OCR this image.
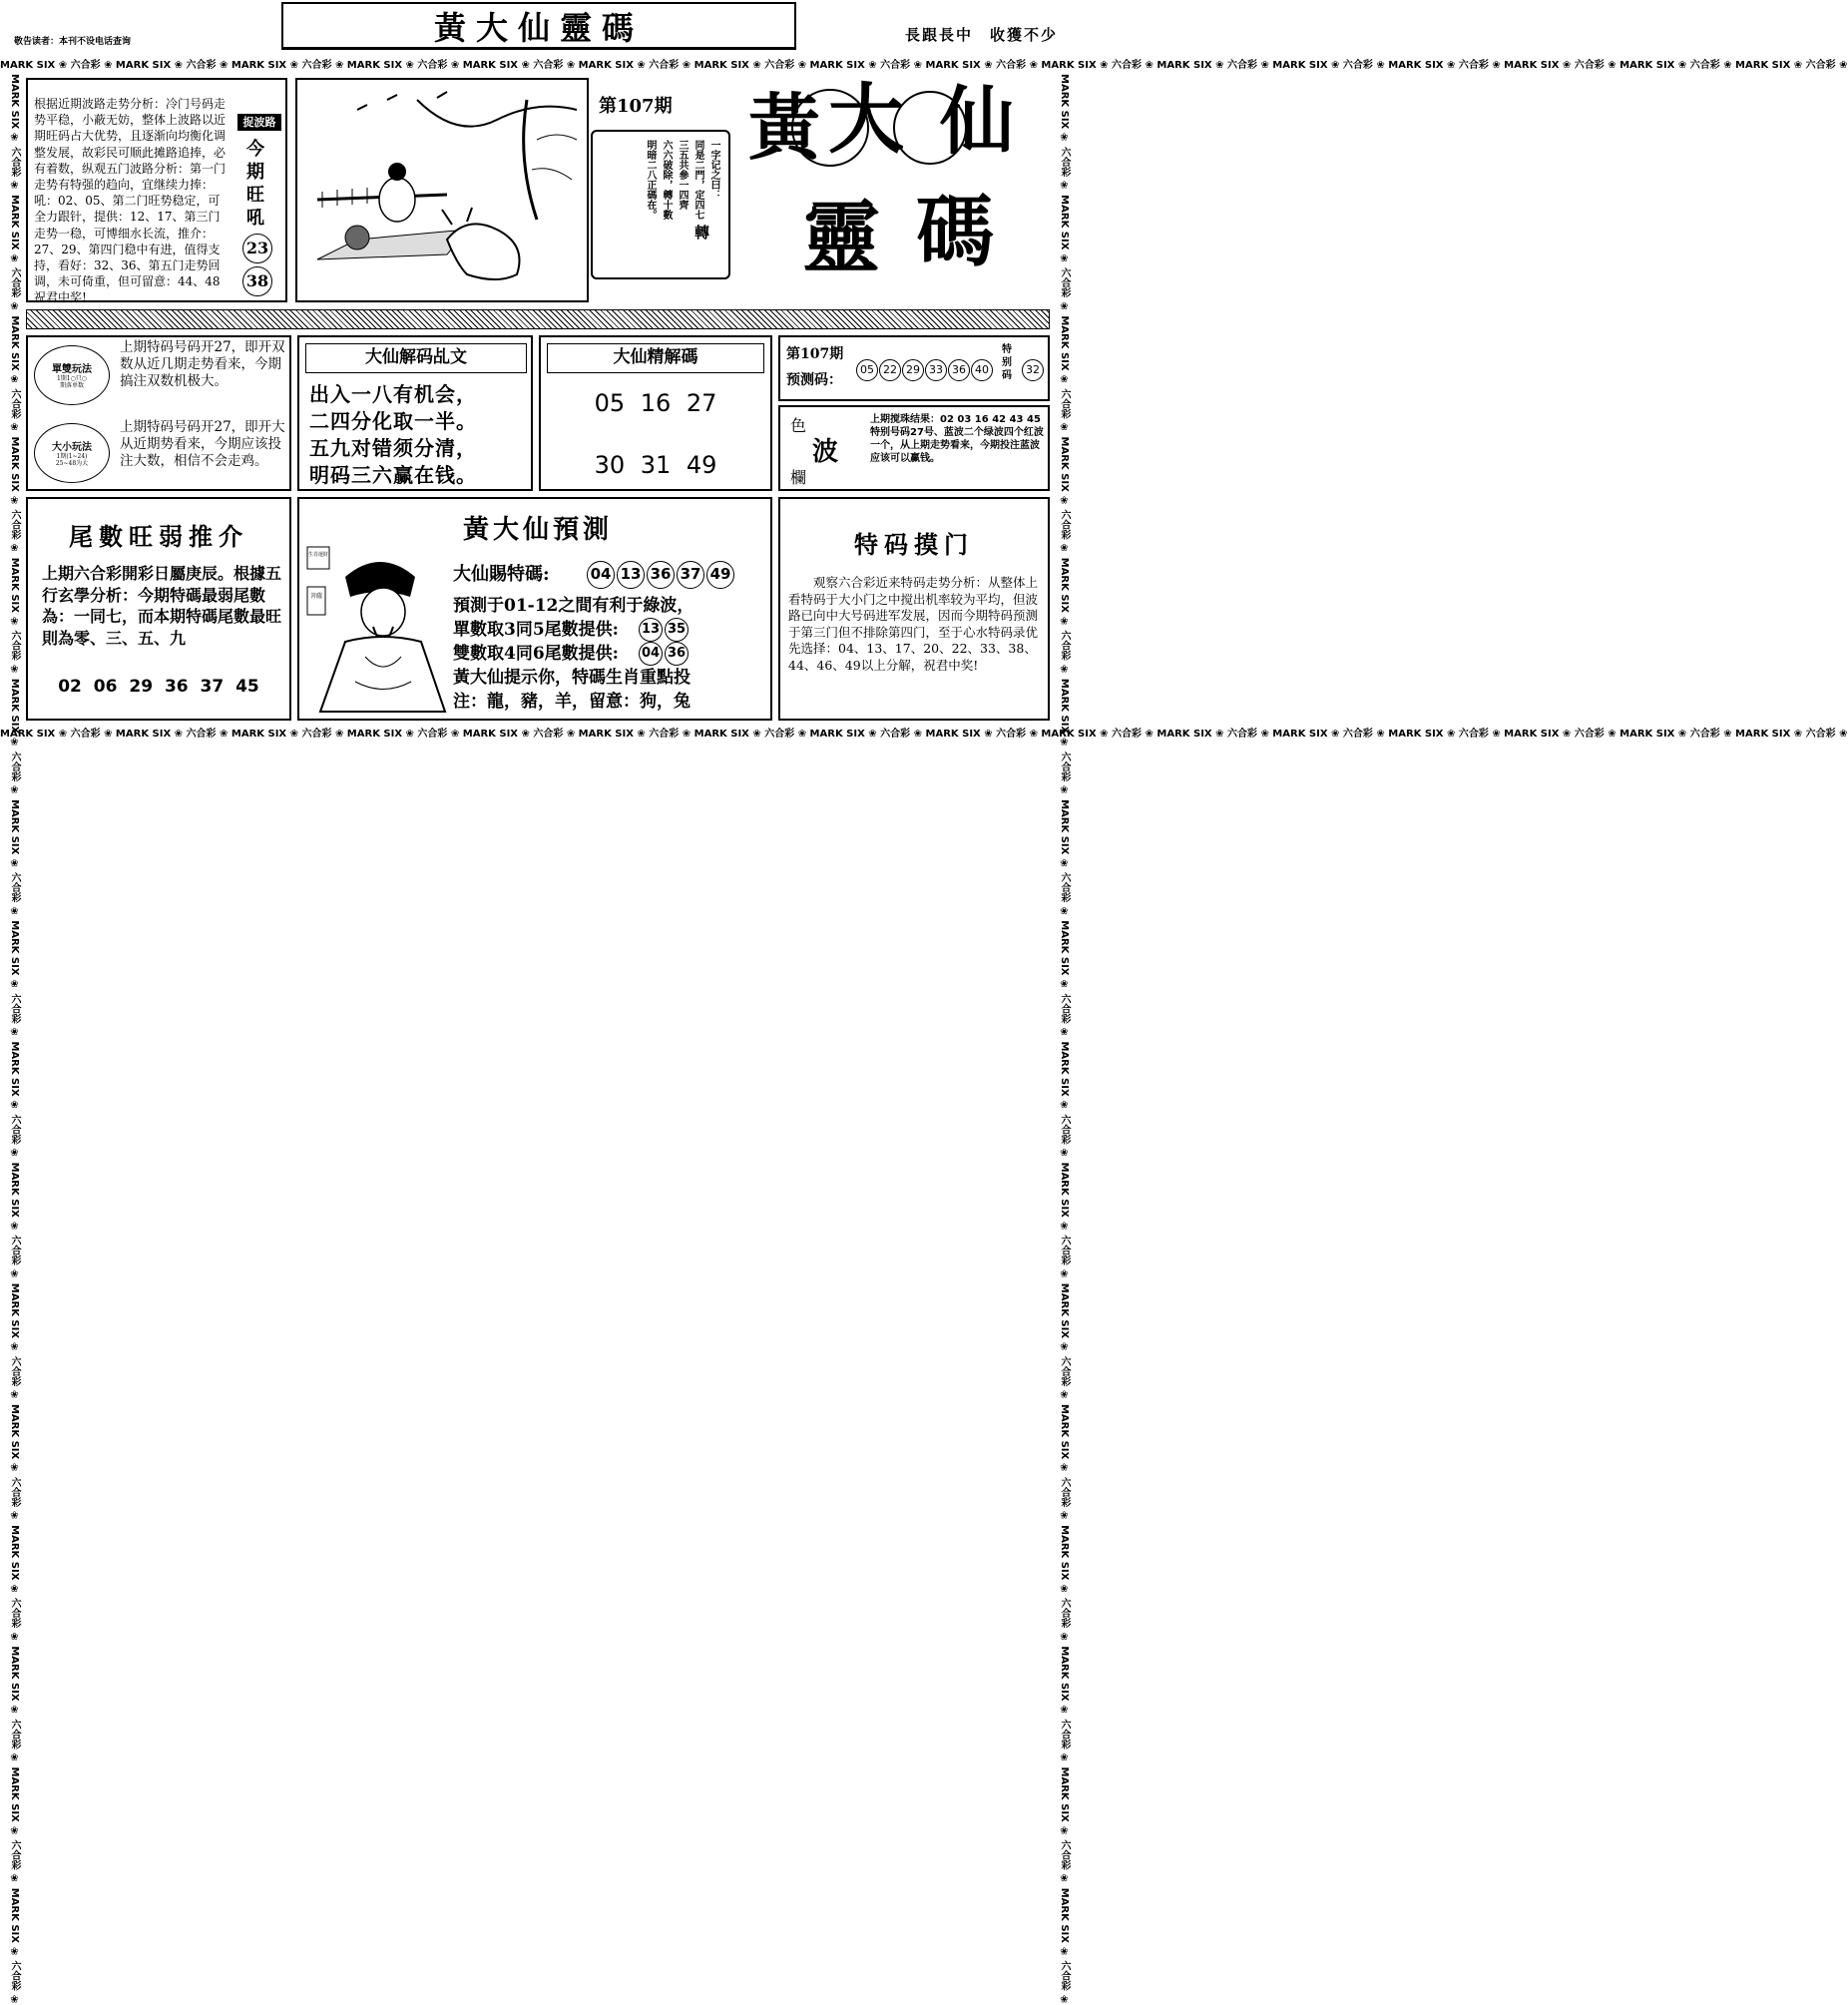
敬告读者：本刊不设电话查询	黃大仙靈碼	長跟長中　收獲不少
MARK SIX ❀ 六合彩 ❀ MARK SIX ❀ 六合彩 ❀ MARK SIX ❀ 六合彩 ❀ MARK SIX ❀ 六合彩 ❀ MARK SIX ❀ 六合彩 ❀ MARK SIX ❀ 六合彩 ❀ MARK SIX ❀ 六合彩 ❀ MARK SIX ❀ 六合彩 ❀ MARK SIX ❀ 六合彩 ❀ MARK SIX ❀ 六合彩 ❀ MARK SIX ❀ 六合彩 ❀ MARK SIX ❀ 六合彩 ❀ MARK SIX ❀ 六合彩 ❀ MARK SIX ❀ 六合彩 ❀ MARK SIX ❀ 六合彩 ❀ MARK SIX ❀ 六合彩 ❀
MARK SIX ❀ 六合彩 ❀ MARK SIX ❀ 六合彩 ❀ MARK SIX ❀ 六合彩 ❀ MARK SIX ❀ 六合彩 ❀ MARK SIX ❀ 六合彩 ❀ MARK SIX ❀ 六合彩 ❀ MARK SIX ❀ 六合彩 ❀ MARK SIX ❀ 六合彩 ❀ MARK SIX ❀ 六合彩 ❀ MARK SIX ❀ 六合彩 ❀ MARK SIX ❀ 六合彩 ❀ MARK SIX ❀ 六合彩 ❀ MARK SIX ❀ 六合彩 ❀ MARK SIX ❀ 六合彩 ❀ MARK SIX ❀ 六合彩 ❀ MARK SIX ❀ 六合彩 ❀
MARK SIX ❀ 六合彩 ❀ MARK SIX ❀ 六合彩 ❀ MARK SIX ❀ 六合彩 ❀ MARK SIX ❀ 六合彩 ❀ MARK SIX ❀ 六合彩 ❀ MARK SIX ❀ 六合彩 ❀ MARK SIX ❀ 六合彩 ❀ MARK SIX ❀ 六合彩 ❀ MARK SIX ❀ 六合彩 ❀ MARK SIX ❀ 六合彩 ❀ MARK SIX ❀ 六合彩 ❀ MARK SIX ❀ 六合彩 ❀ MARK SIX ❀ 六合彩 ❀ MARK SIX ❀ 六合彩 ❀ MARK SIX ❀ 六合彩 ❀ MARK SIX ❀ 六合彩 ❀	MARK SIX ❀ 六合彩 ❀ MARK SIX ❀ 六合彩 ❀ MARK SIX ❀ 六合彩 ❀ MARK SIX ❀ 六合彩 ❀ MARK SIX ❀ 六合彩 ❀ MARK SIX ❀ 六合彩 ❀ MARK SIX ❀ 六合彩 ❀ MARK SIX ❀ 六合彩 ❀ MARK SIX ❀ 六合彩 ❀ MARK SIX ❀ 六合彩 ❀ MARK SIX ❀ 六合彩 ❀ MARK SIX ❀ 六合彩 ❀ MARK SIX ❀ 六合彩 ❀ MARK SIX ❀ 六合彩 ❀ MARK SIX ❀ 六合彩 ❀ MARK SIX ❀ 六合彩 ❀
根据近期波路走势分析：冷门号码走势平稳，小蔽无妨，整体上波路以近期旺码占大优势，且逐渐向均衡化调整发展，故彩民可顺此摊路追捧，必有着数，纵观五门波路分析：第一门走势有特强的趋向，宜继续力捧：吼：02、05、第二门旺势稳定，可全力跟针，提供：12、17、第三门走势一稳，可博细水长流，推介：27、29、第四门稳中有进，值得支持，看好：32、36、第五门走势回调，未可倚重，但可留意：44、48祝君中奖!
捉波路
今
期
旺
吼
23
38
第107期
一字记之曰：
同是二門，定四七
三五共參一四齊
六六破除，轉十數
明暗二八正碼在。
轉
黃 大 仙
靈 碼
單雙玩法
1期1○只○
期落单数
上期特码号码开27，即开双数从近几期走势看来，今期搞注双数机极大。
大小玩法
1期(1~24)
25~48为大
上期特码号码开27，即开大从近期势看来，今期应该投注大数，相信不会走鸡。
大仙解码乩文
出入一八有机会，
二四分化取一半。
五九对错须分清，
明码三六赢在钱。
大仙精解碼
05 16 27
30 31 49
第107期
预测码：
05 22 29 33 36 40
特别码	32
色
波
欄
上期搅珠结果：02 03 16 42 43 45 特别号码27号、蓝波二个绿波四个红波一个，从上期走势看来，今期投注蓝波应该可以赢钱。
尾數旺弱推介
上期六合彩開彩日屬庚辰。根據五行玄學分析：今期特碼最弱尾數為：一同七，而本期特碼尾數最旺則為零、三、五、九
02 06 29 36 37 45
黃大仙預測
生肖運財
菩薩
大仙賜特碼:	04 13 36 37 49
預測于01-12之間有利于綠波，
單數取3同5尾數提供: 13 35
雙數取4同6尾數提供: 04 36
黃大仙提示你，特碼生肖重點投
注：龍，豬，羊，留意：狗，兔
特码摸门
观察六合彩近来特码走势分析：从整体上看特码于大小门之中搅出机率较为平均，但波路已向中大号码进军发展，因而今期特码预测于第三门但不排除第四门，至于心水特码录优先选择：04、13、17、20、22、33、38、44、46、49以上分解，祝君中奖!
